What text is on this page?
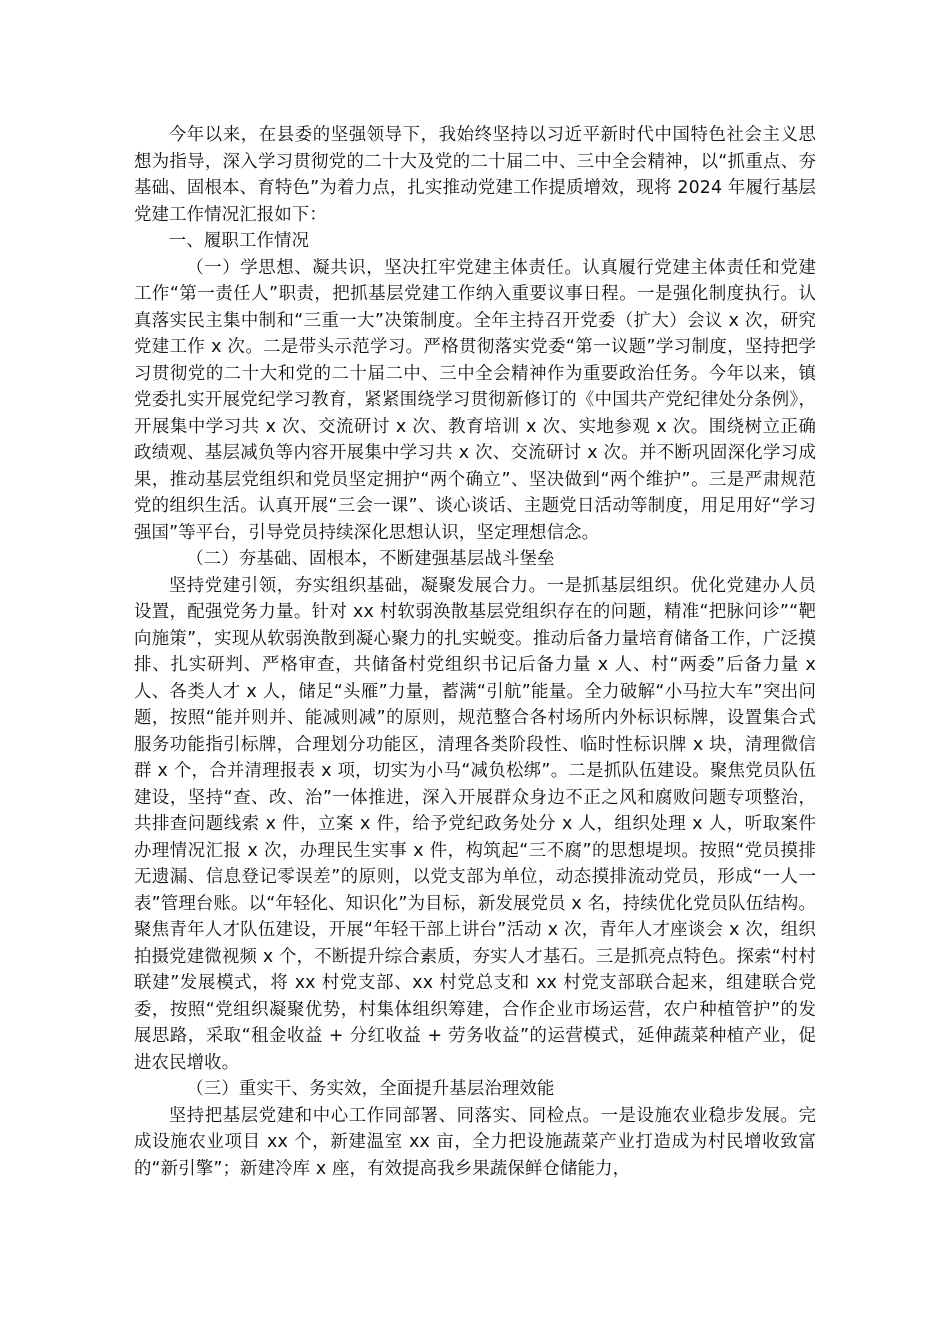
今年以来，在县委的坚强领导下，我始终坚持以习近平新时代中国特色社会主义思想为指导，深入学习贯彻党的二十大及党的二十届二中、三中全会精神，以“抓重点、夯基础、固根本、育特色”为着力点，扎实推动党建工作提质增效，现将 2024 年履行基层党建工作情况汇报如下：

一、履职工作情况

（一）学思想、凝共识，坚决扛牢党建主体责任。认真履行党建主体责任和党建工作“第一责任人”职责，把抓基层党建工作纳入重要议事日程。一是强化制度执行。认真落实民主集中制和“三重一大”决策制度。全年主持召开党委（扩大）会议 x 次，研究党建工作 x 次。二是带头示范学习。严格贯彻落实党委“第一议题”学习制度，坚持把学习贯彻党的二十大和党的二十届二中、三中全会精神作为重要政治任务。今年以来，镇党委扎实开展党纪学习教育，紧紧围绕学习贯彻新修订的《中国共产党纪律处分条例》，开展集中学习共 x 次、交流研讨 x 次、教育培训 x 次、实地参观 x 次。围绕树立正确政绩观、基层减负等内容开展集中学习共 x 次、交流研讨 x 次。并不断巩固深化学习成果，推动基层党组织和党员坚定拥护“两个确立”、坚决做到“两个维护”。三是严肃规范党的组织生活。认真开展“三会一课”、谈心谈话、主题党日活动等制度，用足用好“学习强国”等平台，引导党员持续深化思想认识，坚定理想信念。

（二）夯基础、固根本，不断建强基层战斗堡垒

坚持党建引领，夯实组织基础，凝聚发展合力。一是抓基层组织。优化党建办人员设置，配强党务力量。针对 xx 村软弱涣散基层党组织存在的问题，精准“把脉问诊”“靶向施策”，实现从软弱涣散到凝心聚力的扎实蜕变。推动后备力量培育储备工作，广泛摸排、扎实研判、严格审查，共储备村党组织书记后备力量 x 人、村“两委”后备力量 x 人、各类人才 x 人，储足“头雁”力量，蓄满“引航”能量。全力破解“小马拉大车”突出问题，按照“能并则并、能减则减”的原则，规范整合各村场所内外标识标牌，设置集合式服务功能指引标牌，合理划分功能区，清理各类阶段性、临时性标识牌 x 块，清理微信群 x 个，合并清理报表 x 项，切实为小马“减负松绑”。二是抓队伍建设。聚焦党员队伍建设，坚持“查、改、治”一体推进，深入开展群众身边不正之风和腐败问题专项整治，共排查问题线索 x 件，立案 x 件，给予党纪政务处分 x 人，组织处理 x 人，听取案件办理情况汇报 x 次，办理民生实事 x 件，构筑起“三不腐”的思想堤坝。按照“党员摸排无遗漏、信息登记零误差”的原则，以党支部为单位，动态摸排流动党员，形成“一人一表”管理台账。以“年轻化、知识化”为目标，新发展党员 x 名，持续优化党员队伍结构。聚焦青年人才队伍建设，开展“年轻干部上讲台”活动 x 次，青年人才座谈会 x 次，组织拍摄党建微视频 x 个，不断提升综合素质，夯实人才基石。三是抓亮点特色。探索“村村联建”发展模式，将 xx 村党支部、xx 村党总支和 xx 村党支部联合起来，组建联合党委，按照“党组织凝聚优势，村集体组织筹建，合作企业市场运营，农户种植管护”的发展思路，采取“租金收益 + 分红收益 + 劳务收益”的运营模式，延伸蔬菜种植产业，促进农民增收。

（三）重实干、务实效，全面提升基层治理效能

坚持把基层党建和中心工作同部署、同落实、同检点。一是设施农业稳步发展。完成设施农业项目 xx 个，新建温室 xx 亩，全力把设施蔬菜产业打造成为村民增收致富的“新引擎”；新建冷库 x 座，有效提高我乡果蔬保鲜仓储能力，
